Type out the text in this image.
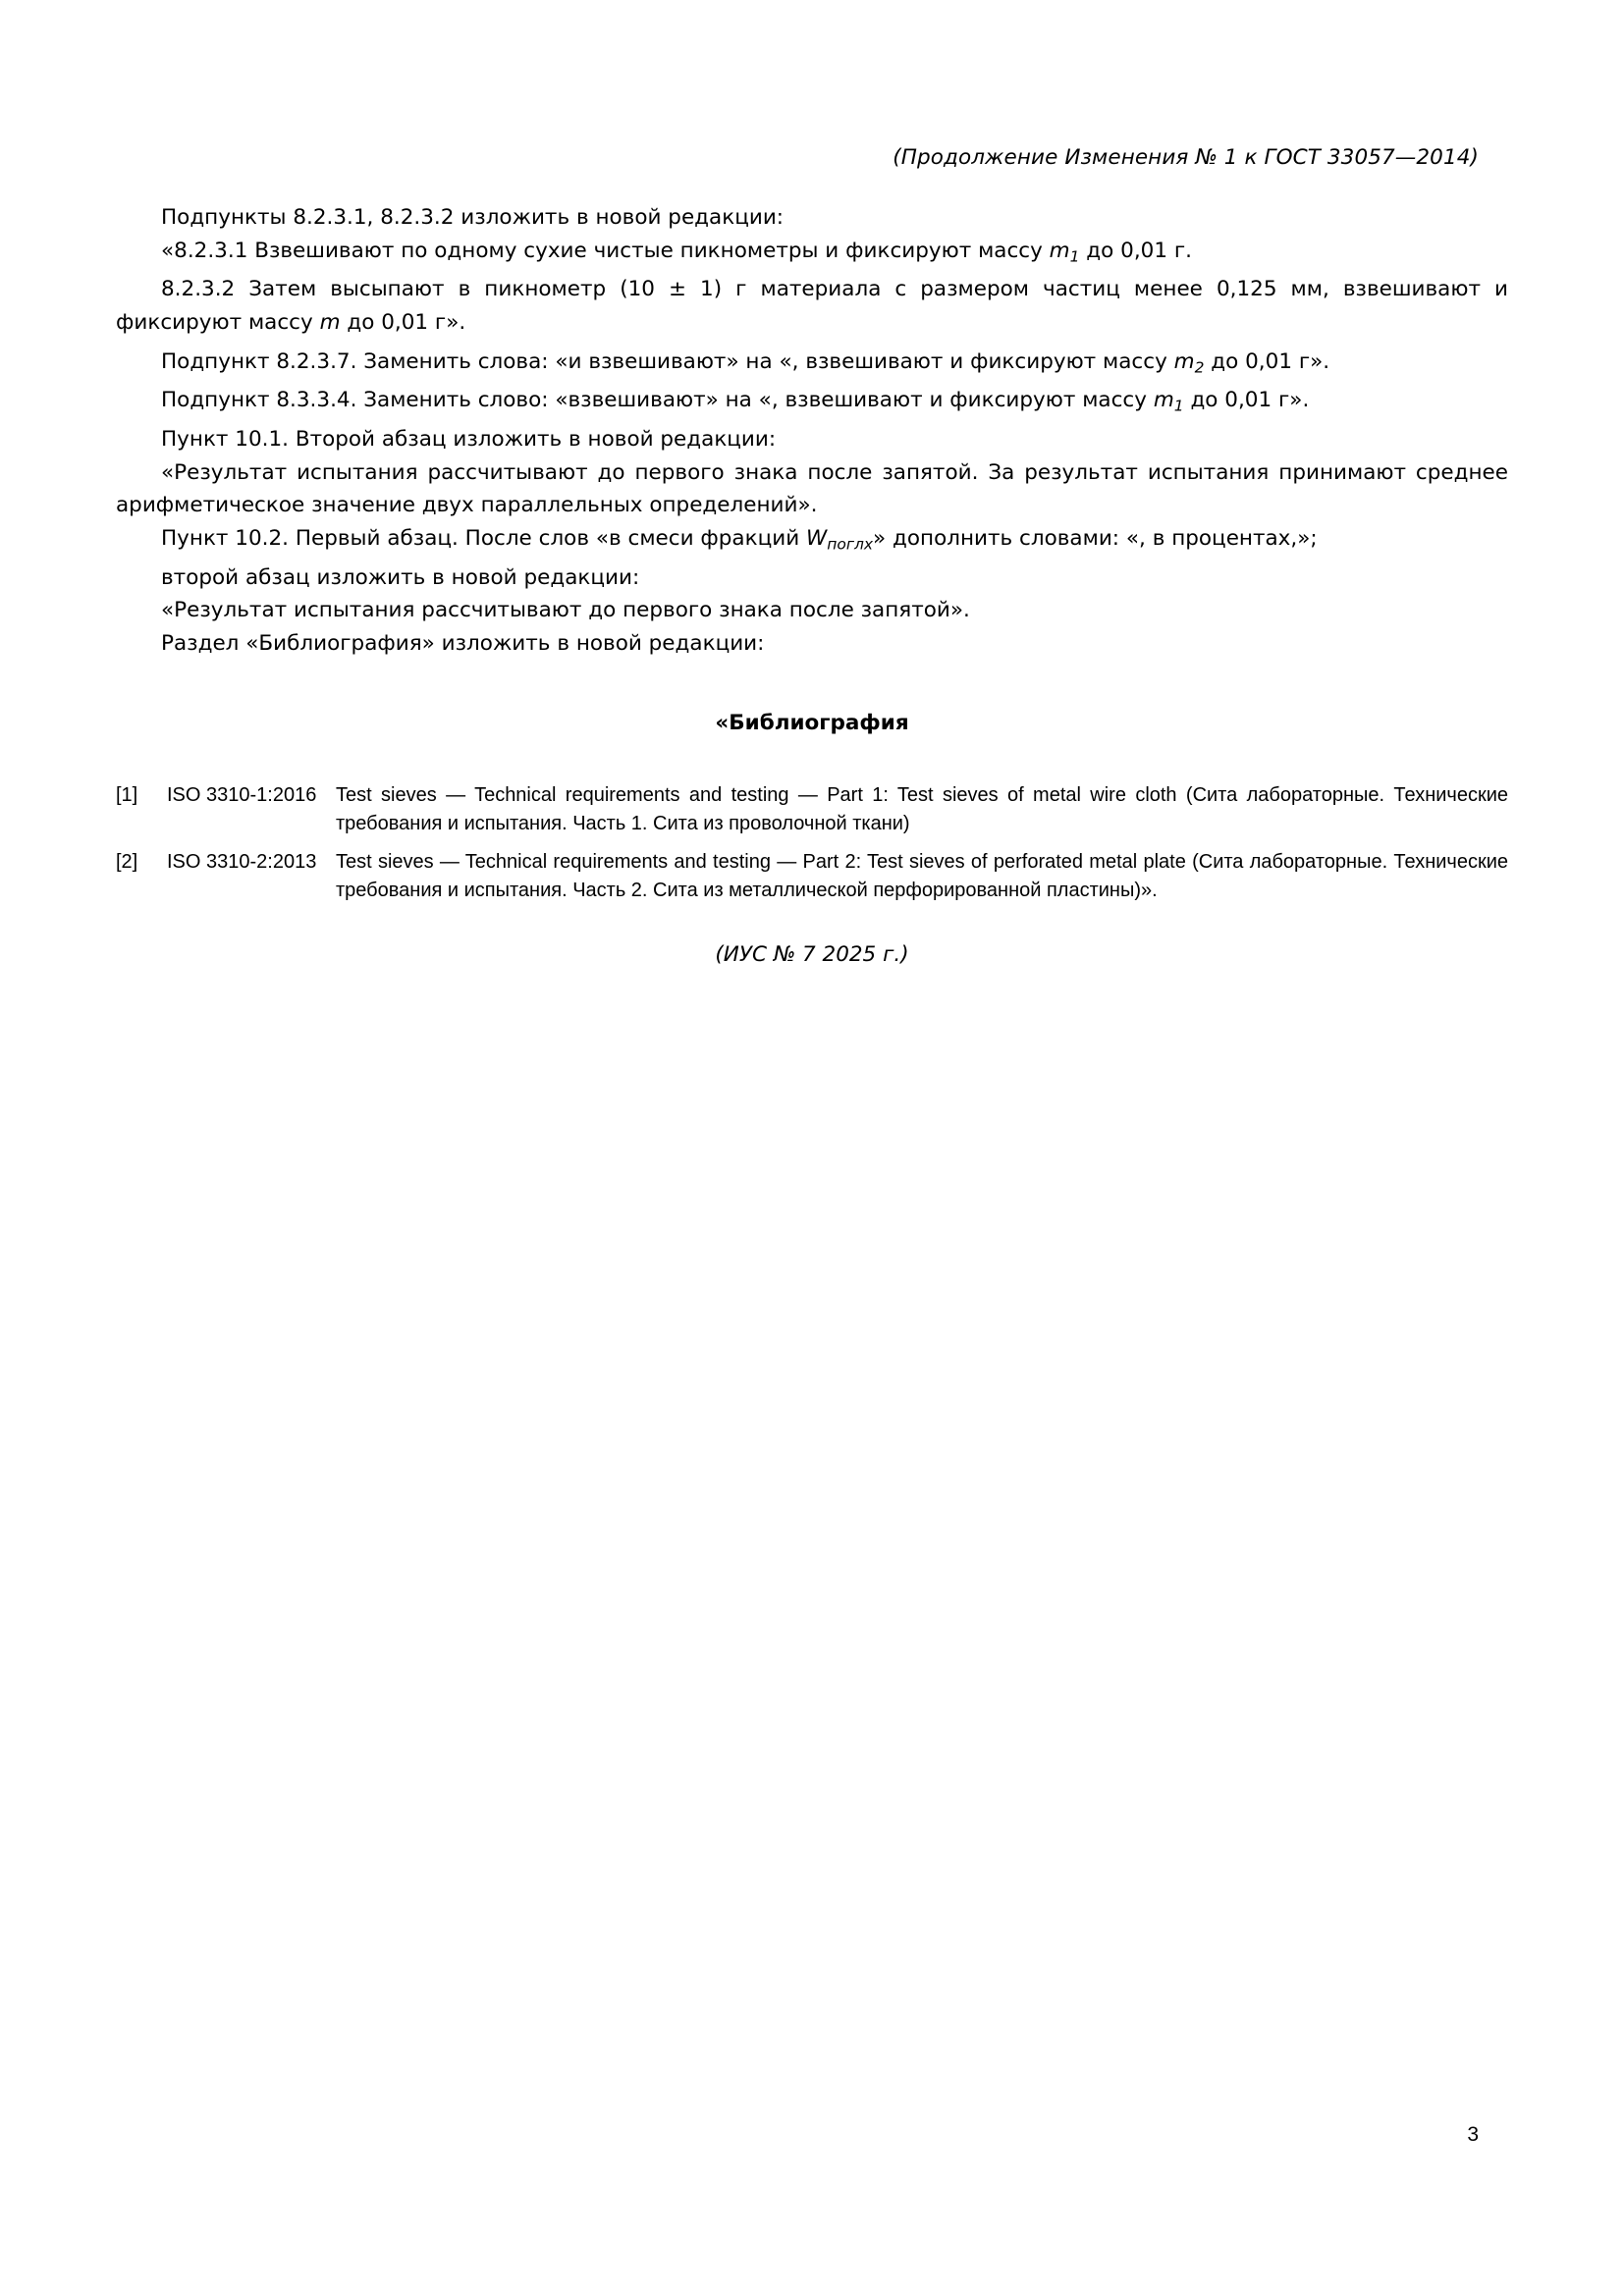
(Продолжение Изменения № 1 к ГОСТ 33057—2014)

Подпункты 8.2.3.1, 8.2.3.2 изложить в новой редакции:

«8.2.3.1 Взвешивают по одному сухие чистые пикнометры и фиксируют массу $m_1$ до 0,01 г.

8.2.3.2 Затем высыпают в пикнометр (10 ± 1) г материала с размером частиц менее 0,125 мм, взвешивают и фиксируют массу m до 0,01 г».

Подпункт 8.2.3.7. Заменить слова: «и взвешивают» на «, взвешивают и фиксируют массу $m_2$ до 0,01 г».

Подпункт 8.3.3.4. Заменить слово: «взвешивают» на «, взвешивают и фиксируют массу $m_1$ до 0,01 г».

Пункт 10.1. Второй абзац изложить в новой редакции:

«Результат испытания рассчитывают до первого знака после запятой. За результат испытания принимают среднее арифметическое значение двух параллельных определений».

Пункт 10.2. Первый абзац. После слов «в смеси фракций $W_{поглх}$» дополнить словами: «, в процентах,»;

второй абзац изложить в новой редакции:

«Результат испытания рассчитывают до первого знака после запятой».

Раздел «Библиография» изложить в новой редакции:

«Библиография

[1]	ISO 3310-1:2016 Test sieves — Technical requirements and testing — Part 1: Test sieves of metal wire cloth (Сита лабораторные. Технические требования и испытания. Часть 1. Сита из проволочной ткани)
[2]	ISO 3310-2:2013 Test sieves — Technical requirements and testing — Part 2: Test sieves of perforated metal plate (Сита лабораторные. Технические требования и испытания. Часть 2. Сита из металлической перфорированной пластины)».
(ИУС № 7 2025 г.)
3
